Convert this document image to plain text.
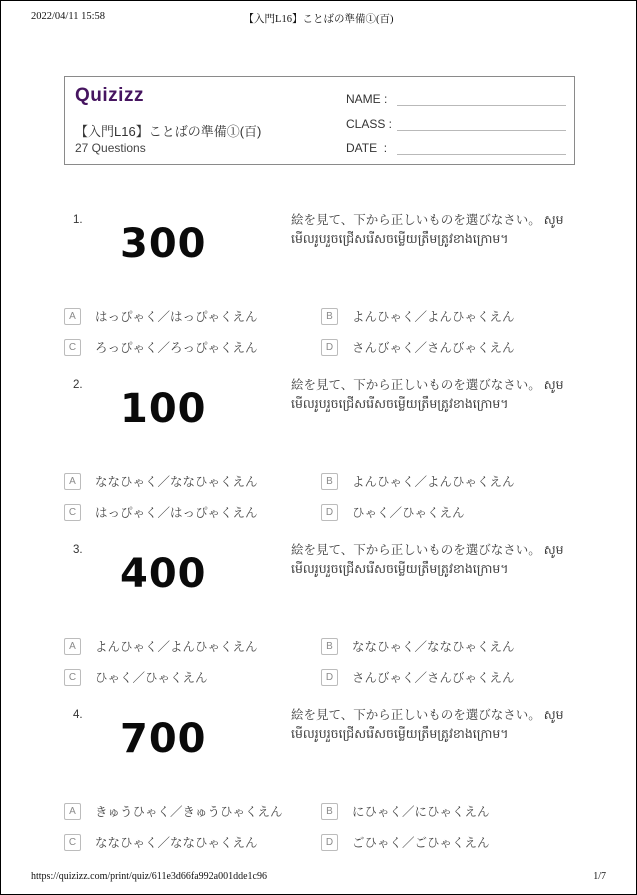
2022/04/11 15:58	【入門L16】ことばの準備①(百)
Quizizz
【入門L16】ことばの準備①(百)
27 Questions
NAME :
CLASS :
DATE  :
1.
300

絵を見て、下から正しいものを選びなさい。 សូមមើលរូបរួចជ្រើសរើសចម្លើយត្រឹមត្រូវខាងក្រោម។

A	はっぴゃく／はっぴゃくえん	B	よんひゃく／よんひゃくえん
C	ろっぴゃく／ろっぴゃくえん	D	さんびゃく／さんびゃくえん
2.
100

絵を見て、下から正しいものを選びなさい。 សូមមើលរូបរួចជ្រើសរើសចម្លើយត្រឹមត្រូវខាងក្រោម។

A	ななひゃく／ななひゃくえん	B	よんひゃく／よんひゃくえん
C	はっぴゃく／はっぴゃくえん	D	ひゃく／ひゃくえん
3.
400

絵を見て、下から正しいものを選びなさい。 សូមមើលរូបរួចជ្រើសរើសចម្លើយត្រឹមត្រូវខាងក្រោម។

A	よんひゃく／よんひゃくえん	B	ななひゃく／ななひゃくえん
C	ひゃく／ひゃくえん	D	さんびゃく／さんびゃくえん
4.
700

絵を見て、下から正しいものを選びなさい。 សូមមើលរូបរួចជ្រើសរើសចម្លើយត្រឹមត្រូវខាងក្រោម។

A	きゅうひゃく／きゅうひゃくえん	B	にひゃく／にひゃくえん
C	ななひゃく／ななひゃくえん	D	ごひゃく／ごひゃくえん
https://quizizz.com/print/quiz/611e3d66fa992a001dde1c96	1/7
